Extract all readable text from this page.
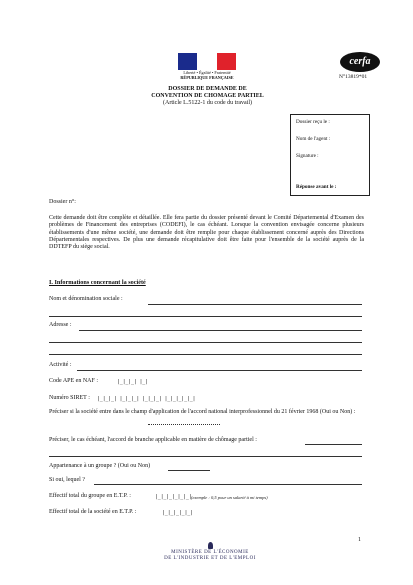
Liberté • Égalité • Fraternité
RÉPUBLIQUE FRANÇAISE
cerfa
N°13819*01
DOSSIER DE DEMANDE DE
CONVENTION DE CHOMAGE PARTIEL
(Article L.5122-1 du code du travail)
Dossier reçu le :
Nom de l'agent :
Signature :
Réponse avant le :
Dossier n°:
Cette demande doit être complète et détaillée. Elle fera partie du dossier présenté devant le Comité Départemental d'Examen des problèmes de Financement des entreprises (CODEFI), le cas échéant. Lorsque la convention envisagée concerne plusieurs établissements d'une même société, une demande doit être remplie pour chaque établissement concerné auprès des Directions Départementales respectives. De plus une demande récapitulative doit être faite pour l'ensemble de la société auprès de la DDTEFP du siège social.
I. Informations concernant la société
Nom et dénomination sociale :
Adresse :
Activité :
Code APE en NAF :	|_|_|_| |_|
Numéro SIRET : |_|_|_| |_|_|_| |_|_|_| |_|_|_|_|_|
Préciser si la société entre dans le champ d'application de l'accord national interprofessionnel du 21 février 1968 (Oui ou Non) :
Préciser, le cas échéant, l'accord de branche applicable en matière de chômage partiel :
Appartenance à un groupe ? (Oui ou Non)
Si oui, lequel ?
Effectif total du groupe en E.T.P. :	|_|_|_|_|_|_| (exemple : 0,5 pour un salarié à mi temps)
Effectif total de la société en E.T.P. :	|_|_|_|_|_|
1
MINISTÈRE DE L'ÉCONOMIE
DE L'INDUSTRIE ET DE L'EMPLOI
